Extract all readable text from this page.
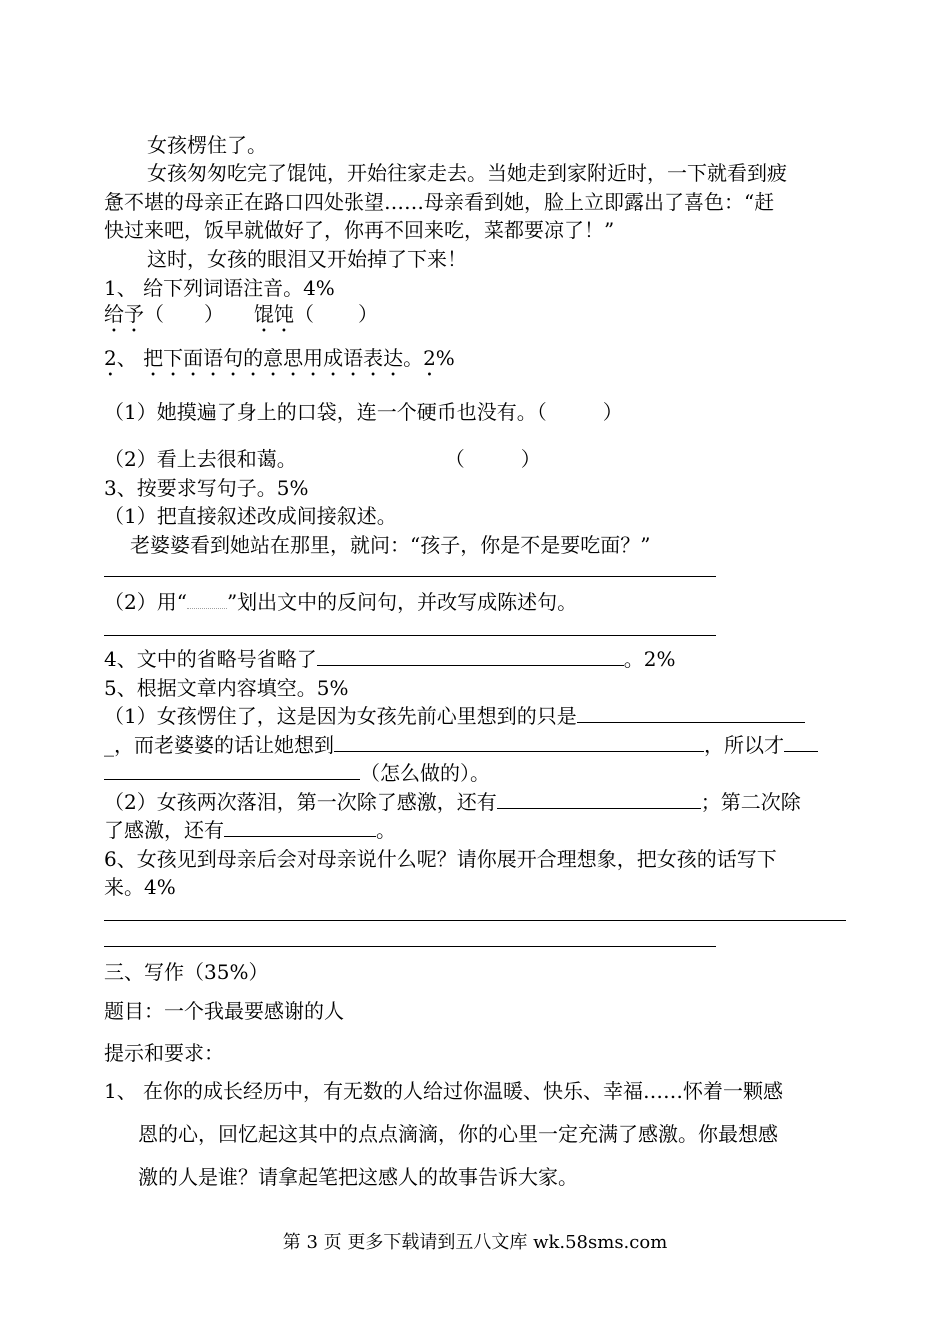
女孩楞住了。
女孩匆匆吃完了馄饨，开始往家走去。当她走到家附近时，一下就看到疲
惫不堪的母亲正在路口四处张望……母亲看到她，脸上立即露出了喜色：“赶
快过来吧，饭早就做好了，你再不回来吃，菜都要凉了！”
这时，女孩的眼泪又开始掉了下来！
1、 给下列词语注音。4%
给予（ ） 馄饨（ ）
2、 把下面语句的意思用成语表达。2%
（1）她摸遍了身上的口袋，连一个硬币也没有。（	）
（2）看上去很和蔼。	（	）
3、按要求写句子。5%
（1）把直接叙述改成间接叙述。
老婆婆看到她站在那里，就问：“孩子，你是不是要吃面？”
（2）用“ ”划出文中的反问句，并改写成陈述句。
4、文中的省略号省略了	。2%
5、根据文章内容填空。5%
（1）女孩愣住了，这是因为女孩先前心里想到的只是
_，而老婆婆的话让她想到	，所以才
（怎么做的）。
（2）女孩两次落泪，第一次除了感激，还有	；第二次除
了感激，还有	。
6、女孩见到母亲后会对母亲说什么呢？请你展开合理想象，把女孩的话写下
来。4%
三、写作（35%）
题目：一个我最要感谢的人
提示和要求：
1、 在你的成长经历中，有无数的人给过你温暖、快乐、幸福……怀着一颗感
恩的心，回忆起这其中的点点滴滴，你的心里一定充满了感激。你最想感
激的人是谁？请拿起笔把这感人的故事告诉大家。
第 3 页 更多下载请到五八文库 wk.58sms.com
